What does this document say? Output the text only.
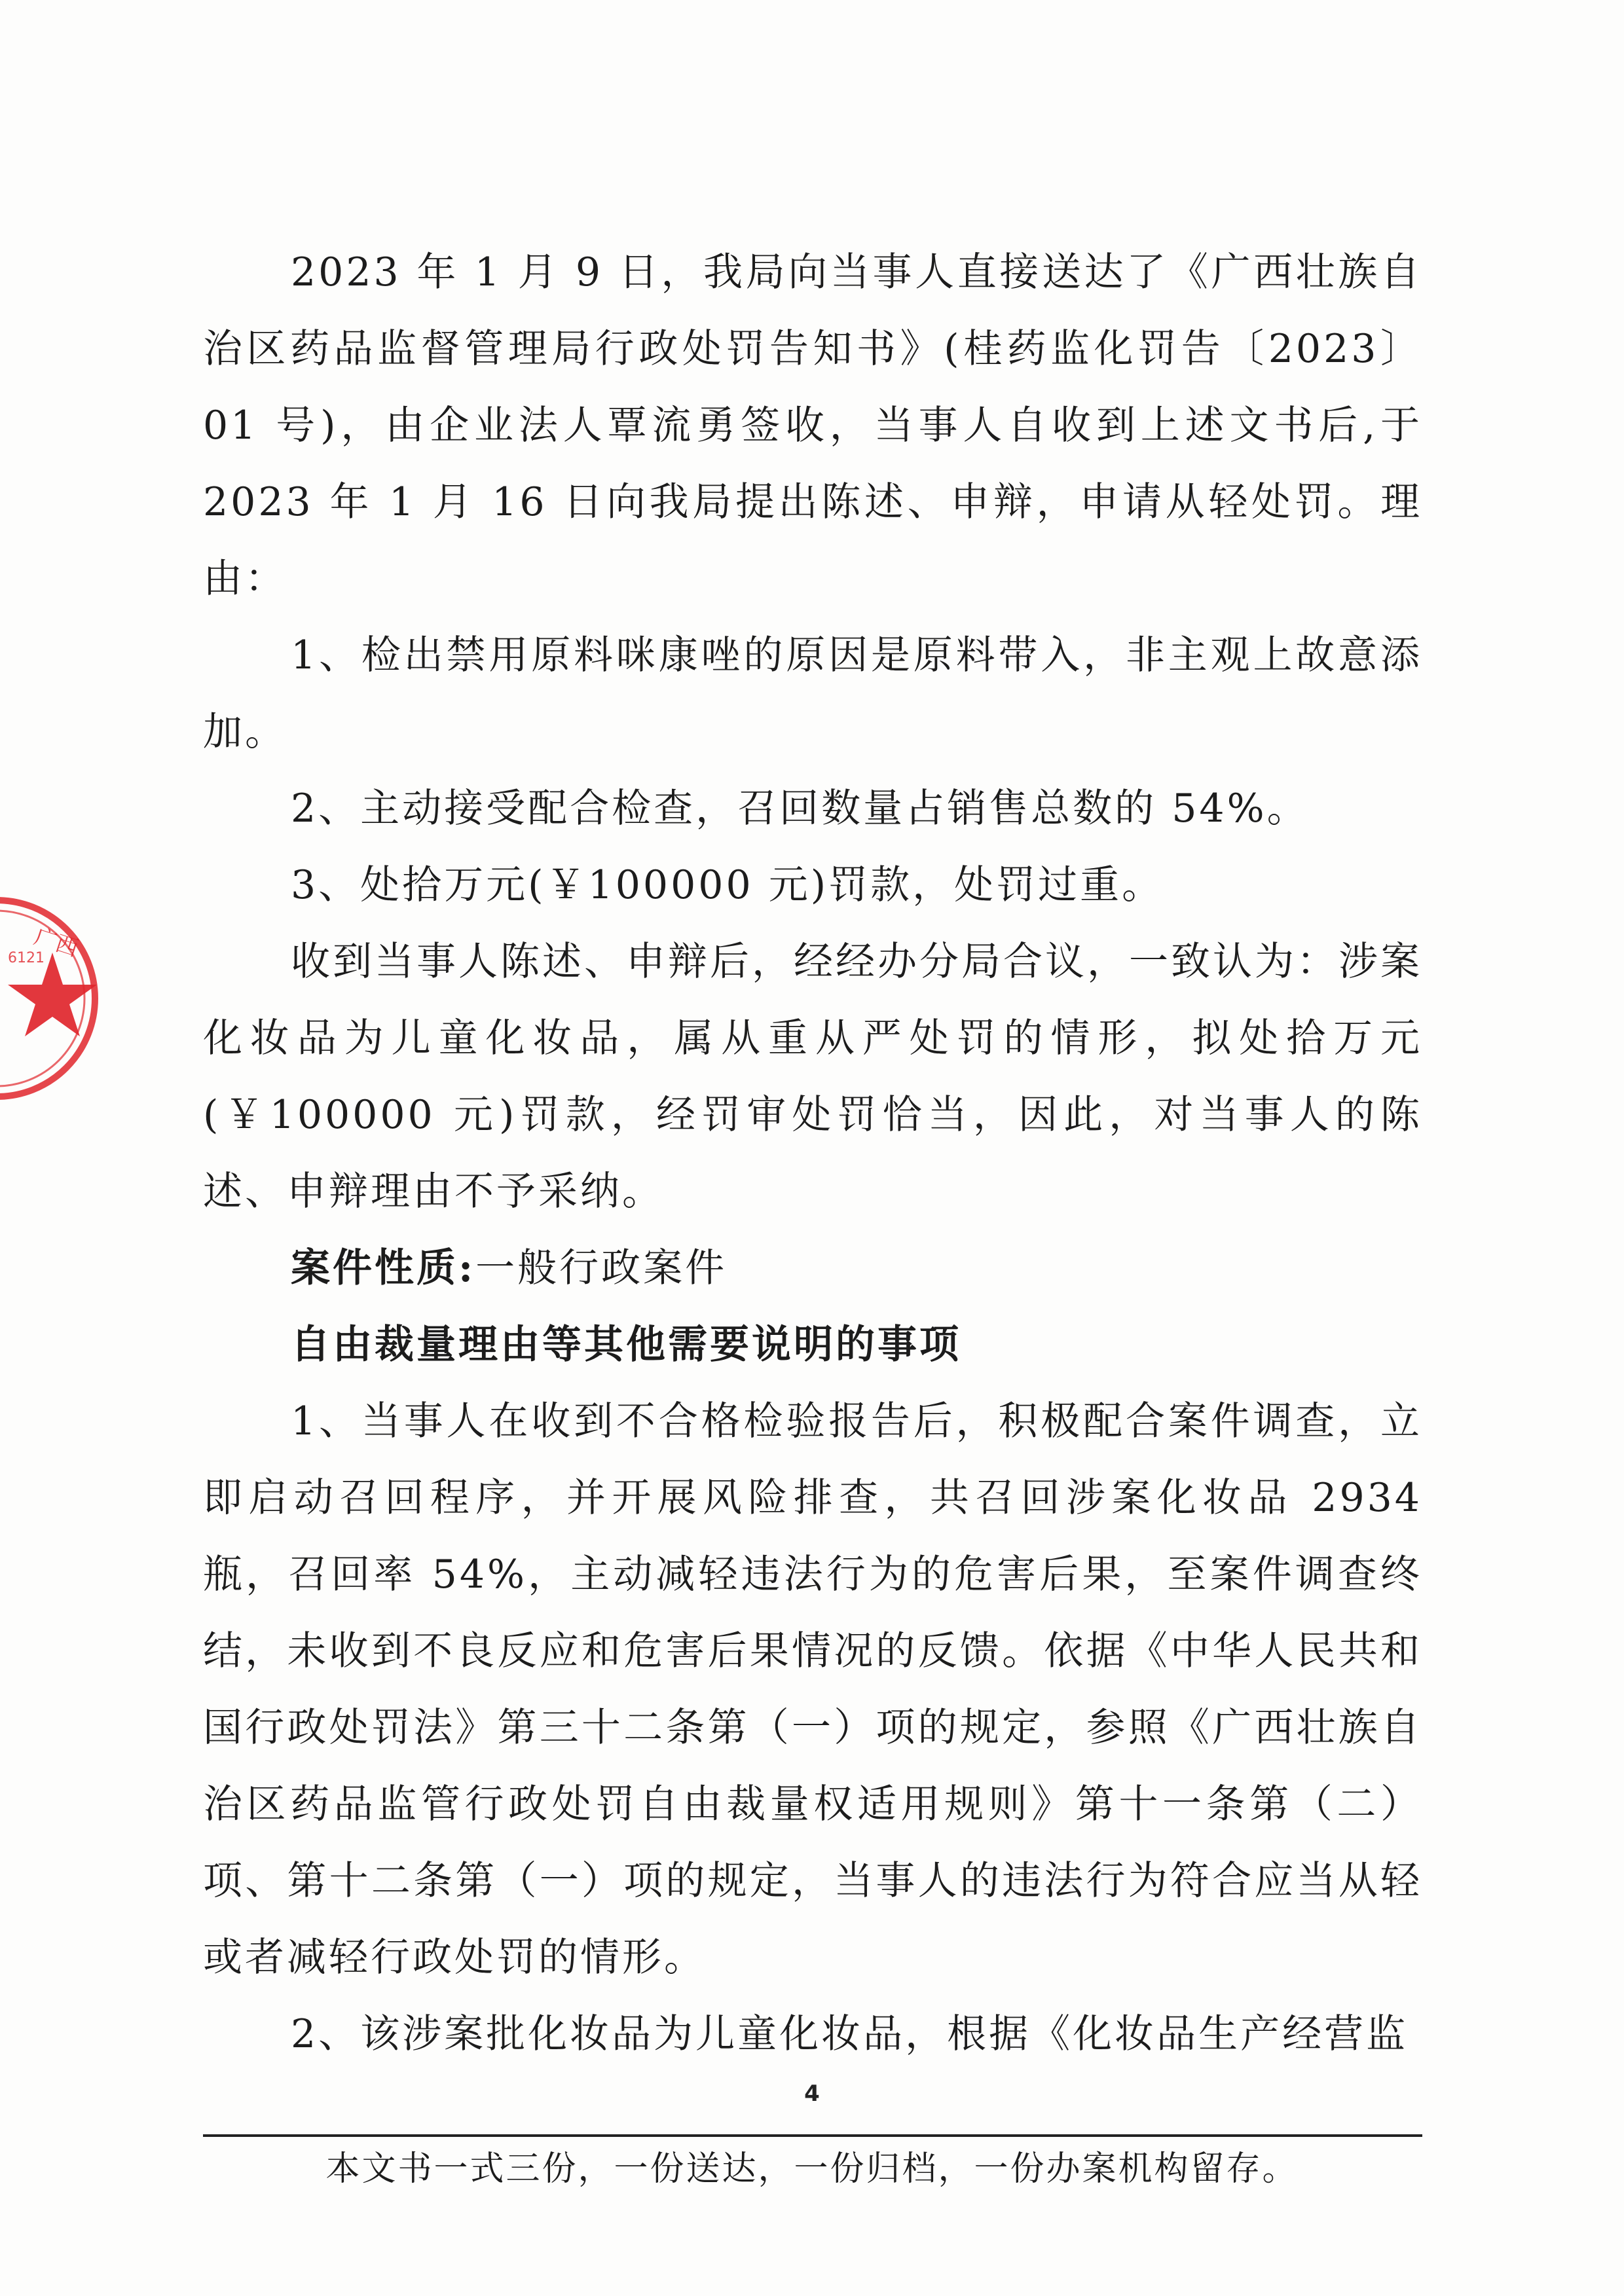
广西
6121

2023 年 1 月 9 日，我局向当事人直接送达了《广西壮族自治区药品监督管理局行政处罚告知书》(桂药监化罚告〔2023〕 01 号)，由企业法人覃流勇签收，当事人自收到上述文书后,于 2023 年 1 月 16 日向我局提出陈述、申辩，申请从轻处罚。理由：

1、检出禁用原料咪康唑的原因是原料带入，非主观上故意添加。

2、主动接受配合检查，召回数量占销售总数的 54%。

3、处拾万元(￥100000 元)罚款，处罚过重。

收到当事人陈述、申辩后，经经办分局合议，一致认为：涉案化妆品为儿童化妆品，属从重从严处罚的情形，拟处拾万元(￥100000 元)罚款，经罚审处罚恰当，因此，对当事人的陈述、申辩理由不予采纳。

案件性质:一般行政案件

自由裁量理由等其他需要说明的事项

1、当事人在收到不合格检验报告后，积极配合案件调查，立即启动召回程序，并开展风险排查，共召回涉案化妆品 2934 瓶，召回率 54%，主动减轻违法行为的危害后果，至案件调查终结，未收到不良反应和危害后果情况的反馈。依据《中华人民共和国行政处罚法》第三十二条第（一）项的规定，参照《广西壮族自治区药品监管行政处罚自由裁量权适用规则》第十一条第（二）项、第十二条第（一）项的规定，当事人的违法行为符合应当从轻或者减轻行政处罚的情形。

2、该涉案批化妆品为儿童化妆品，根据《化妆品生产经营监

4
本文书一式三份，一份送达，一份归档，一份办案机构留存。
